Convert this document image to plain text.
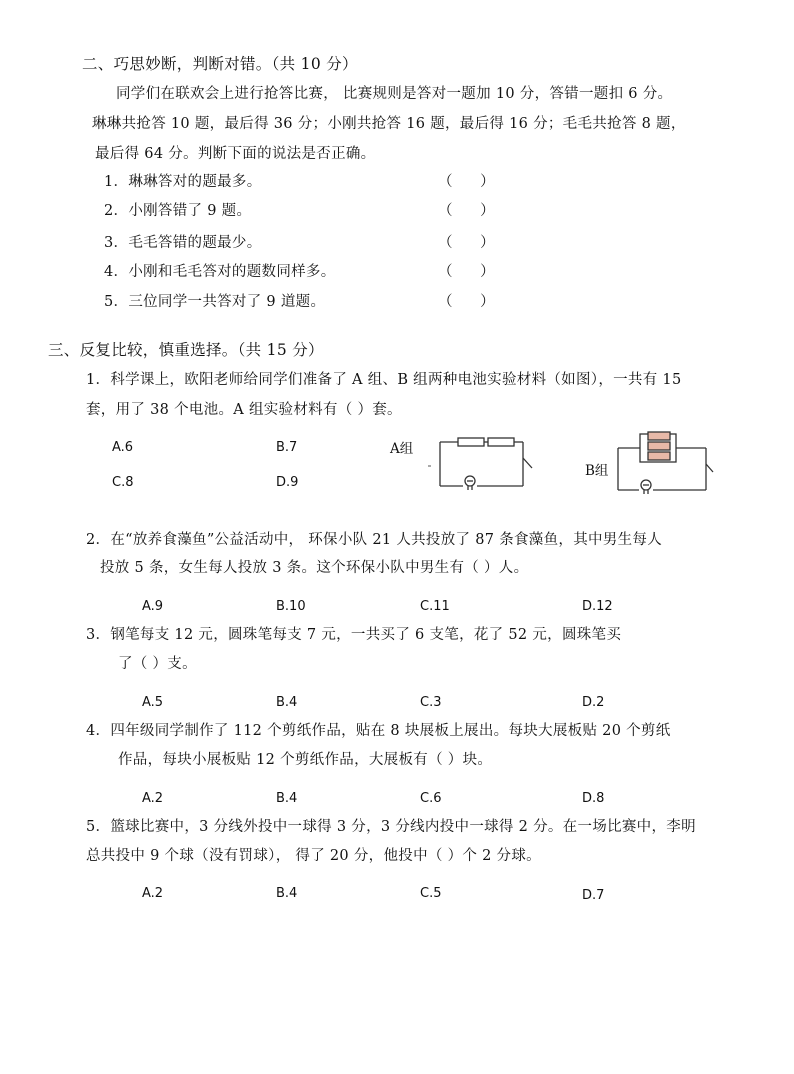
二、巧思妙断，判断对错。（共 10 分）
同学们在联欢会上进行抢答比赛， 比赛规则是答对一题加 10 分，答错一题扣 6 分。
琳琳共抢答 10 题，最后得 36 分；小刚共抢答 16 题，最后得 16 分；毛毛共抢答 8 题，
最后得 64 分。判断下面的说法是否正确。
1．琳琳答对的题最多。	（      ）
2．小刚答错了 9 题。	（      ）
3．毛毛答错的题最少。	（      ）
4．小刚和毛毛答对的题数同样多。	（      ）
5．三位同学一共答对了 9 道题。	（      ）
三、反复比较，慎重选择。（共 15 分）
1．科学课上，欧阳老师给同学们准备了 A 组、B 组两种电池实验材料（如图），一共有 15
套，用了 38 个电池。A 组实验材料有（ ）套。
A.6	B.7
C.8	D.9
A组
B组
2．在“放养食藻鱼”公益活动中， 环保小队 21 人共投放了 87 条食藻鱼，其中男生每人
投放 5 条，女生每人投放 3 条。这个环保小队中男生有（ ）人。
A.9	B.10	C.11	D.12
3．钢笔每支 12 元，圆珠笔每支 7 元，一共买了 6 支笔，花了 52 元，圆珠笔买
了（ ）支。
A.5	B.4	C.3	D.2
4．四年级同学制作了 112 个剪纸作品，贴在 8 块展板上展出。每块大展板贴 20 个剪纸
作品，每块小展板贴 12 个剪纸作品，大展板有（ ）块。
A.2	B.4	C.6	D.8
5．篮球比赛中，3 分线外投中一球得 3 分，3 分线内投中一球得 2 分。在一场比赛中，李明
总共投中 9 个球（没有罚球）， 得了 20 分，他投中（ ）个 2 分球。
A.2	B.4	C.5	D.7
